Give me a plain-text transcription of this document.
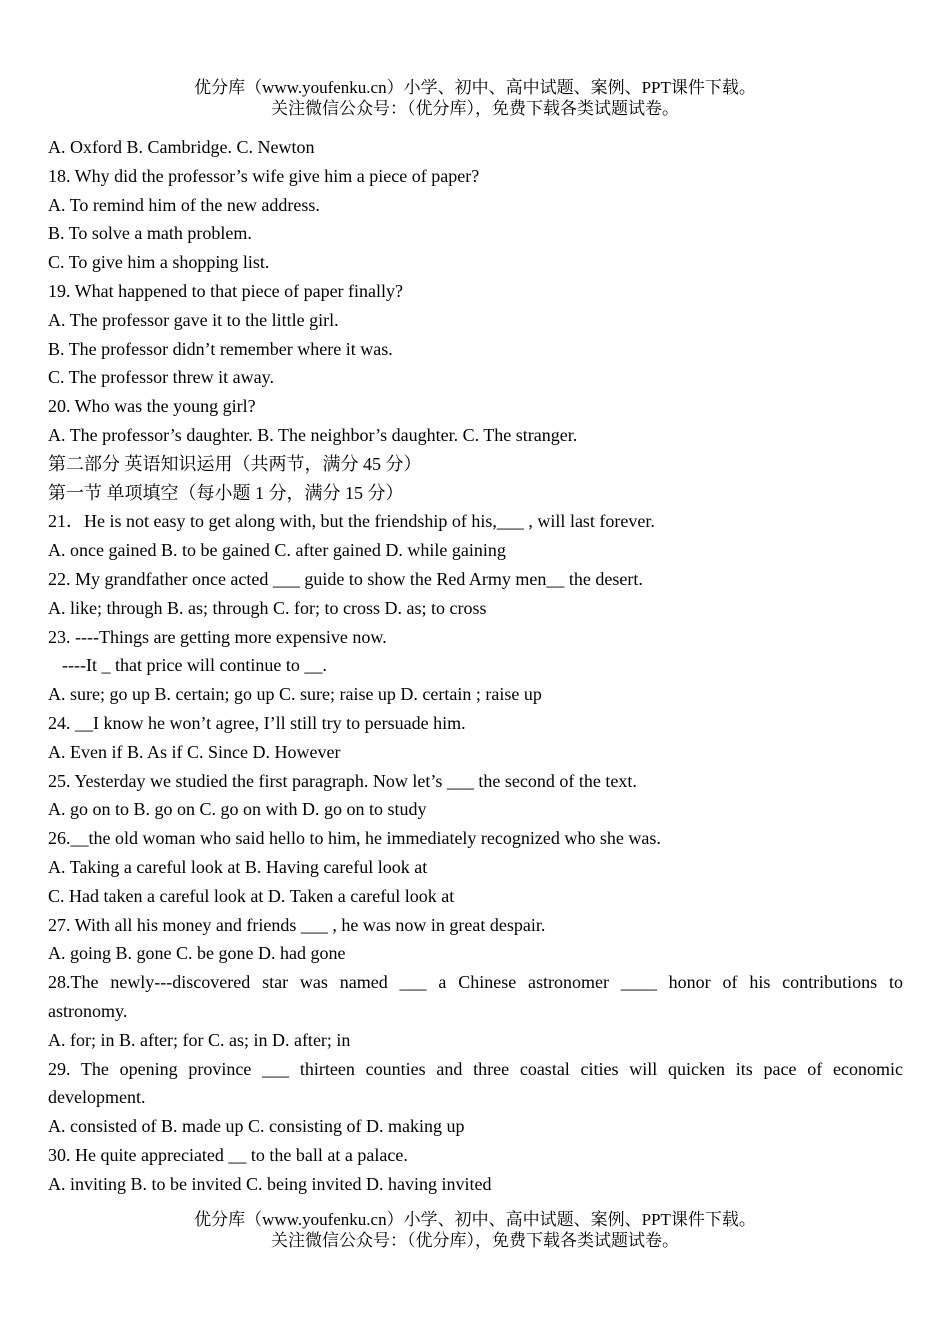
优分库（www.youfenku.cn）小学、初中、高中试题、案例、PPT课件下载。
关注微信公众号：（优分库），免费下载各类试题试卷。
A. Oxford B. Cambridge. C. Newton
18. Why did the professor’s wife give him a piece of paper?
A. To remind him of the new address.
B. To solve a math problem.
C. To give him a shopping list.
19. What happened to that piece of paper finally?
A. The professor gave it to the little girl.
B. The professor didn’t remember where it was.
C. The professor threw it away.
20. Who was the young girl?
A. The professor’s daughter. B. The neighbor’s daughter. C. The stranger.
第二部分 英语知识运用（共两节，满分 45 分）
第一节 单项填空（每小题 1 分，满分 15 分）
21．He is not easy to get along with, but the friendship of his,___ , will last forever.
A. once gained B. to be gained C. after gained D. while gaining
22. My grandfather once acted ___ guide to show the Red Army men__ the desert.
A. like; through B. as; through C. for; to cross D. as; to cross
23. ----Things are getting more expensive now.
----It _ that price will continue to __.
A. sure; go up B. certain; go up C. sure; raise up D. certain ; raise up
24. __I know he won’t agree, I’ll still try to persuade him.
A. Even if B. As if C. Since D. However
25. Yesterday we studied the first paragraph. Now let’s ___ the second of the text.
A. go on to B. go on C. go on with D. go on to study
26.__the old woman who said hello to him, he immediately recognized who she was.
A. Taking a careful look at B. Having careful look at
C. Had taken a careful look at D. Taken a careful look at
27. With all his money and friends ___ , he was now in great despair.
A. going B. gone C. be gone D. had gone
28.The newly---discovered star was named ___ a Chinese astronomer ____ honor of his contributions to
astronomy.
A. for; in B. after; for C. as; in D. after; in
29. The opening province ___ thirteen counties and three coastal cities will quicken its pace of economic
development.
A. consisted of B. made up C. consisting of D. making up
30. He quite appreciated __ to the ball at a palace.
A. inviting B. to be invited C. being invited D. having invited
优分库（www.youfenku.cn）小学、初中、高中试题、案例、PPT课件下载。
关注微信公众号：（优分库），免费下载各类试题试卷。
